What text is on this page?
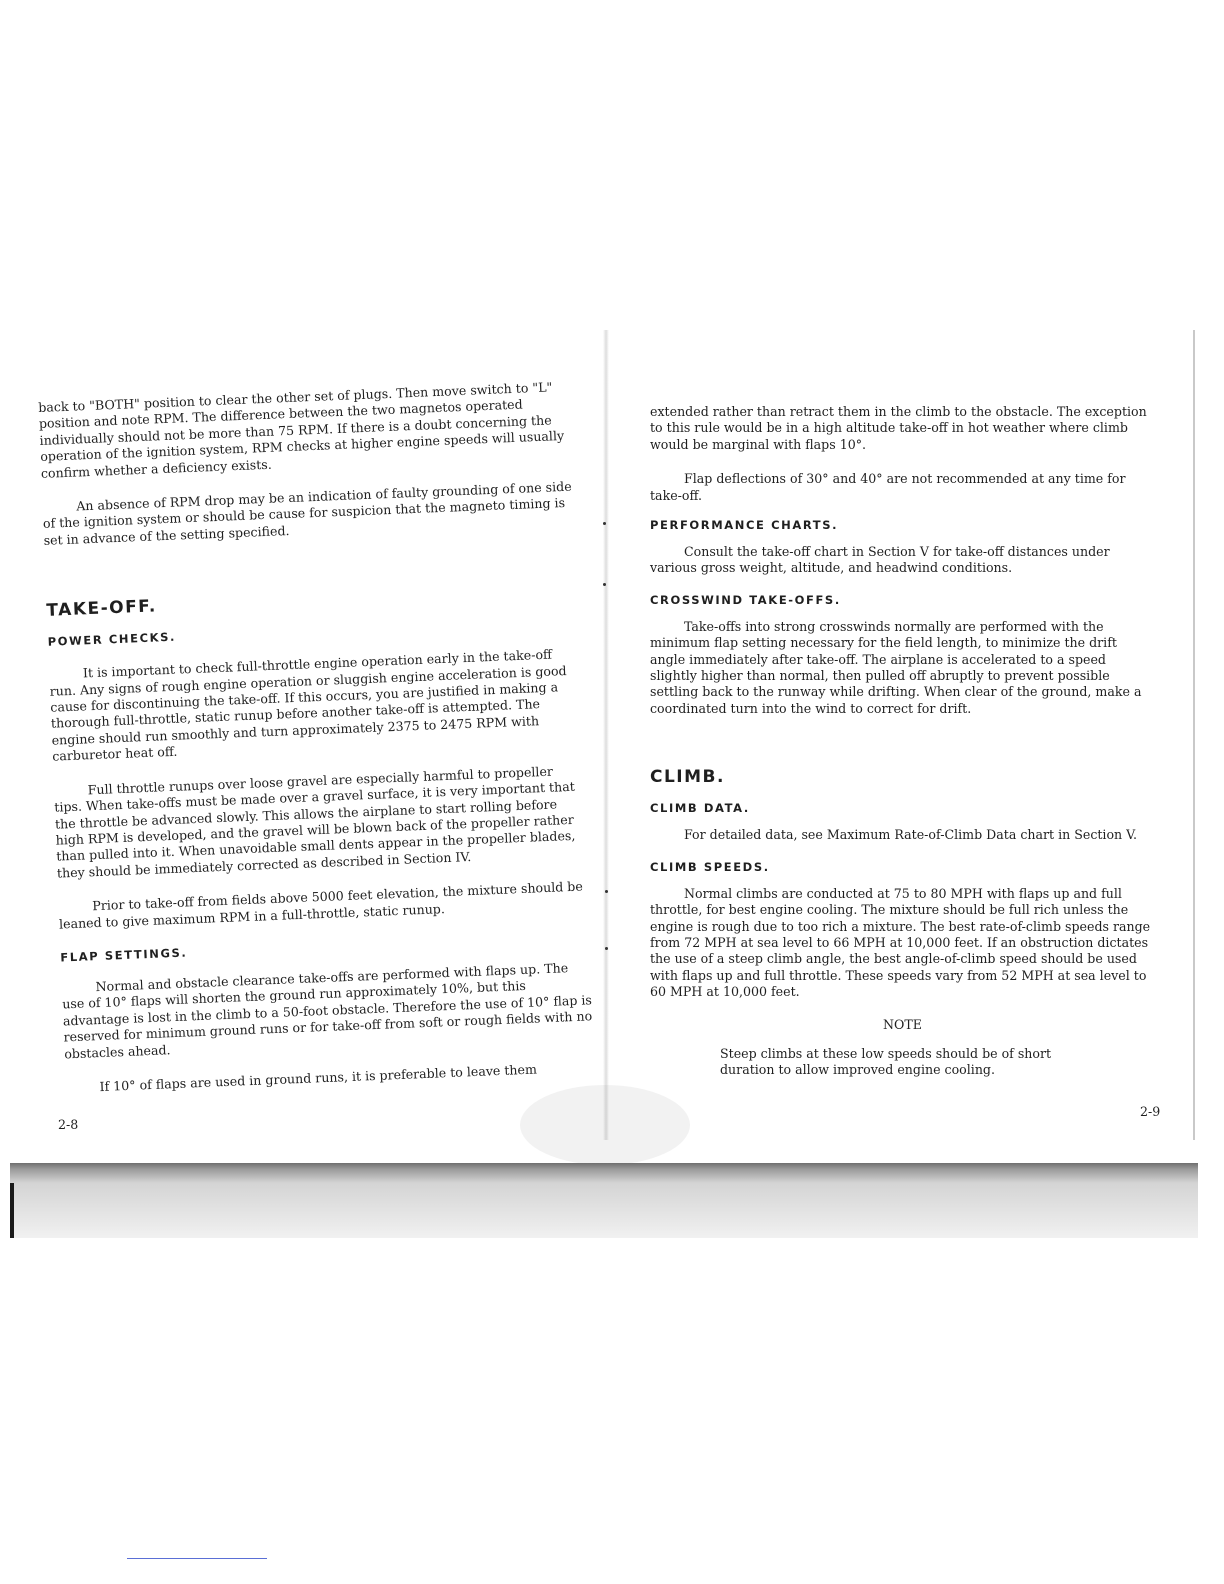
back to "BOTH" position to clear the other set of plugs. Then move switch to "L" position and note RPM. The difference between the two magnetos operated individually should not be more than 75 RPM. If there is a doubt concerning the operation of the ignition system, RPM checks at higher engine speeds will usually confirm whether a deficiency exists.

An absence of RPM drop may be an indication of faulty grounding of one side of the ignition system or should be cause for suspicion that the magneto timing is set in advance of the setting specified.

TAKE-OFF.
POWER CHECKS.

It is important to check full-throttle engine operation early in the take-off run. Any signs of rough engine operation or sluggish engine acceleration is good cause for discontinuing the take-off. If this occurs, you are justified in making a thorough full-throttle, static runup before another take-off is attempted. The engine should run smoothly and turn approximately 2375 to 2475 RPM with carburetor heat off.

Full throttle runups over loose gravel are especially harmful to propeller tips. When take-offs must be made over a gravel surface, it is very important that the throttle be advanced slowly. This allows the airplane to start rolling before high RPM is developed, and the gravel will be blown back of the propeller rather than pulled into it. When unavoidable small dents appear in the propeller blades, they should be immediately corrected as described in Section IV.

Prior to take-off from fields above 5000 feet elevation, the mixture should be leaned to give maximum RPM in a full-throttle, static runup.

FLAP SETTINGS.

Normal and obstacle clearance take-offs are performed with flaps up. The use of 10° flaps will shorten the ground run approximately 10%, but this advantage is lost in the climb to a 50-foot obstacle. Therefore the use of 10° flap is reserved for minimum ground runs or for take-off from soft or rough fields with no obstacles ahead.

If 10° of flaps are used in ground runs, it is preferable to leave them

2-8

extended rather than retract them in the climb to the obstacle. The exception to this rule would be in a high altitude take-off in hot weather where climb would be marginal with flaps 10°.

Flap deflections of 30° and 40° are not recommended at any time for take-off.

PERFORMANCE CHARTS.

Consult the take-off chart in Section V for take-off distances under various gross weight, altitude, and headwind conditions.

CROSSWIND TAKE-OFFS.

Take-offs into strong crosswinds normally are performed with the minimum flap setting necessary for the field length, to minimize the drift angle immediately after take-off. The airplane is accelerated to a speed slightly higher than normal, then pulled off abruptly to prevent possible settling back to the runway while drifting. When clear of the ground, make a coordinated turn into the wind to correct for drift.

CLIMB.
CLIMB DATA.

For detailed data, see Maximum Rate-of-Climb Data chart in Section V.

CLIMB SPEEDS.

Normal climbs are conducted at 75 to 80 MPH with flaps up and full throttle, for best engine cooling. The mixture should be full rich unless the engine is rough due to too rich a mixture. The best rate-of-climb speeds range from 72 MPH at sea level to 66 MPH at 10,000 feet. If an obstruction dictates the use of a steep climb angle, the best angle-of-climb speed should be used with flaps up and full throttle. These speeds vary from 52 MPH at sea level to 60 MPH at 10,000 feet.

NOTE

Steep climbs at these low speeds should be of short duration to allow improved engine cooling.

2-9
